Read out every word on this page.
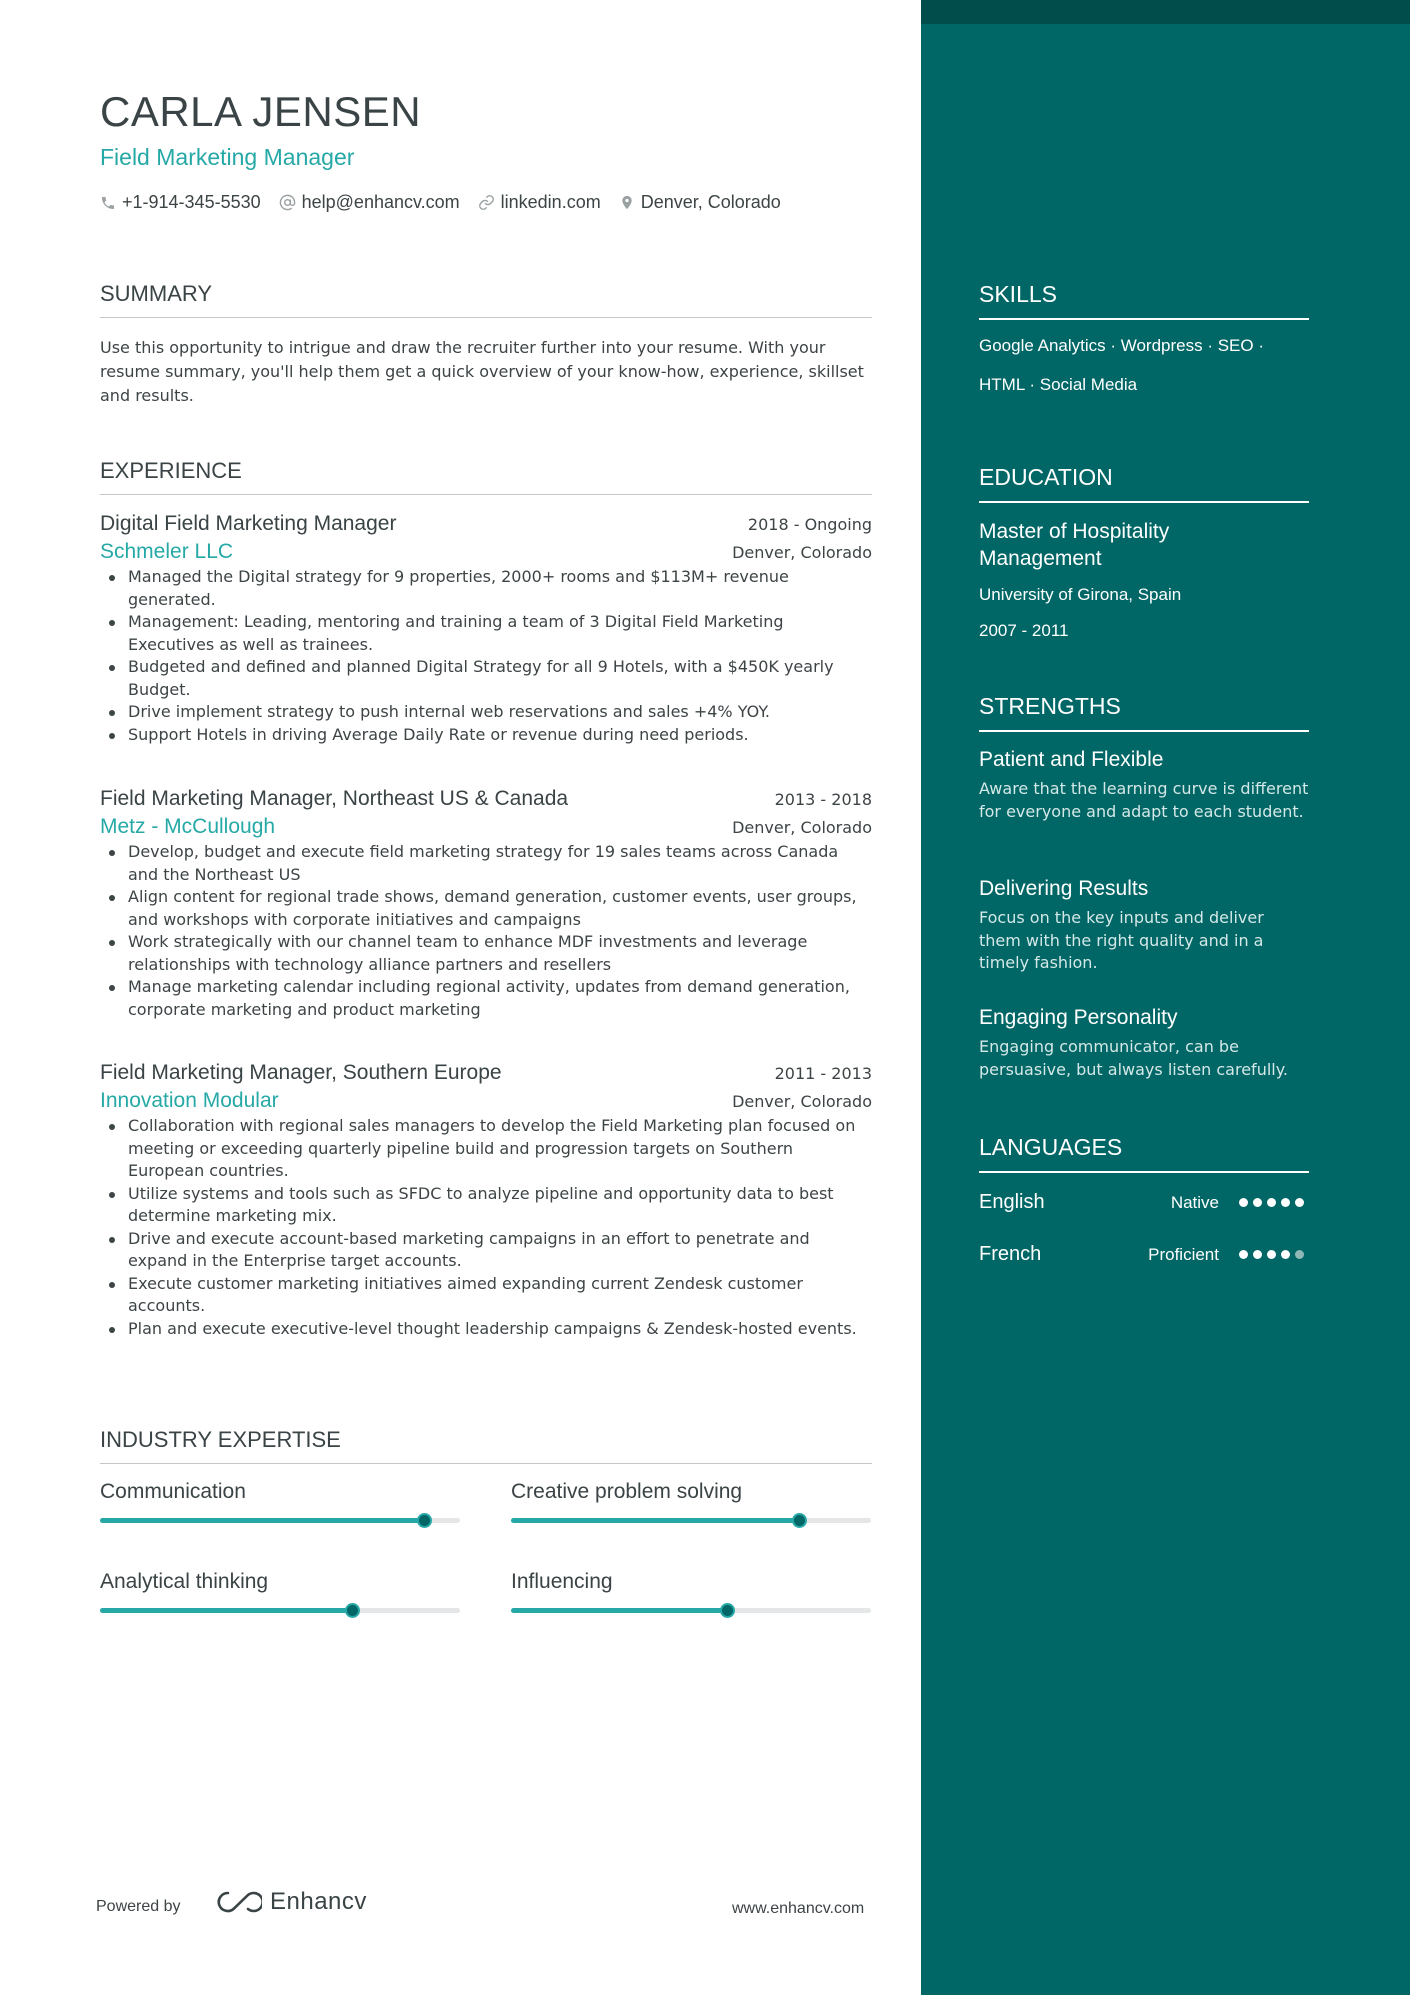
CARLA JENSEN
Field Marketing Manager
+1-914-345-5530 help@enhancv.com linkedin.com Denver, Colorado
SUMMARY
Use this opportunity to intrigue and draw the recruiter further into your resume. With your resume summary, you'll help them get a quick overview of your know-how, experience, skillset and results.
EXPERIENCE
Digital Field Marketing Manager	2018 - Ongoing
Schmeler LLC	Denver, Colorado
Managed the Digital strategy for 9 properties, 2000+ rooms and $113M+ revenue generated.
Management: Leading, mentoring and training a team of 3 Digital Field Marketing Executives as well as trainees.
Budgeted and defined and planned Digital Strategy for all 9 Hotels, with a $450K yearly Budget.
Drive implement strategy to push internal web reservations and sales +4% YOY.
Support Hotels in driving Average Daily Rate or revenue during need periods.
Field Marketing Manager, Northeast US & Canada	2013 - 2018
Metz - McCullough	Denver, Colorado
Develop, budget and execute field marketing strategy for 19 sales teams across Canada and the Northeast US
Align content for regional trade shows, demand generation, customer events, user groups, and workshops with corporate initiatives and campaigns
Work strategically with our channel team to enhance MDF investments and leverage relationships with technology alliance partners and resellers
Manage marketing calendar including regional activity, updates from demand generation, corporate marketing and product marketing
Field Marketing Manager, Southern Europe	2011 - 2013
Innovation Modular	Denver, Colorado
Collaboration with regional sales managers to develop the Field Marketing plan focused on meeting or exceeding quarterly pipeline build and progression targets on Southern European countries.
Utilize systems and tools such as SFDC to analyze pipeline and opportunity data to best determine marketing mix.
Drive and execute account-based marketing campaigns in an effort to penetrate and expand in the Enterprise target accounts.
Execute customer marketing initiatives aimed expanding current Zendesk customer accounts.
Plan and execute executive-level thought leadership campaigns & Zendesk-hosted events.
INDUSTRY EXPERTISE
Communication	Creative problem solving
Analytical thinking	Influencing
Powered by	Enhancv	www.enhancv.com
SKILLS
Google Analytics · Wordpress · SEO ·
HTML · Social Media
EDUCATION
Master of Hospitality Management
University of Girona, Spain
2007 - 2011
STRENGTHS
Patient and Flexible
Aware that the learning curve is different for everyone and adapt to each student.
Delivering Results
Focus on the key inputs and deliver them with the right quality and in a timely fashion.
Engaging Personality
Engaging communicator, can be persuasive, but always listen carefully.
LANGUAGES
English	Native
French	Proficient
